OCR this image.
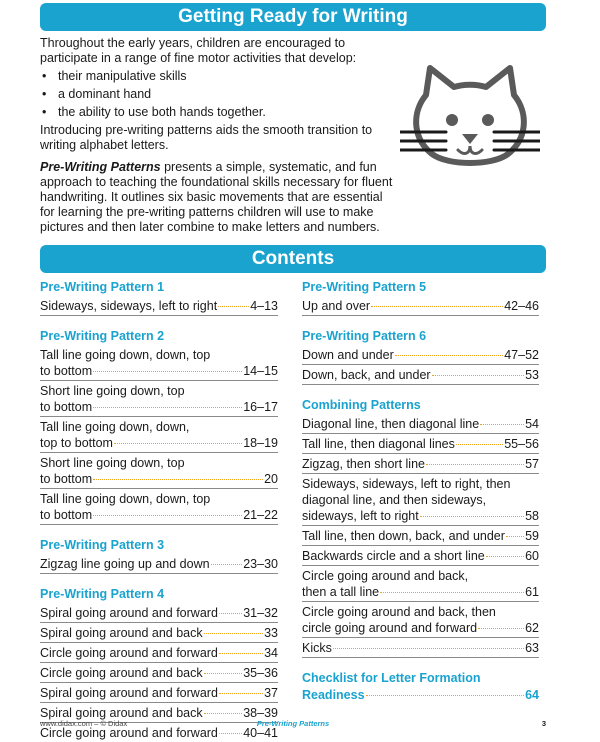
Getting Ready for Writing

Throughout the early years, children are encouraged to participate in a range of fine motor activities that develop:

• their manipulative skills
• a dominant hand
• the ability to use both hands together.

Introducing pre-writing patterns aids the smooth transition to writing alphabet letters.

Pre-Writing Patterns presents a simple, systematic, and fun approach to teaching the foundational skills necessary for fluent handwriting. It outlines six basic movements that are essential for learning the pre-writing patterns children will use to make pictures and then later combine to make letters and numbers.

Contents
Pre-Writing Pattern 1
Sideways, sideways, left to right	4–13
Pre-Writing Pattern 2
Tall line going down, down, top
to bottom	14–15
Short line going down, top
to bottom	16–17
Tall line going down, down,
top to bottom	18–19
Short line going down, top
to bottom	20
Tall line going down, down, top
to bottom	21–22
Pre-Writing Pattern 3
Zigzag line going up and down	23–30
Pre-Writing Pattern 4
Spiral going around and forward 31–32
Spiral going around and back	33
Circle going around and forward	34
Circle going around and back	35–36
Spiral going around and forward	37
Spiral going around and back	38–39
Circle going around and forward 40–41
Pre-Writing Pattern 5
Up and over	42–46
Pre-Writing Pattern 6
Down and under	47–52
Down, back, and under	53
Combining Patterns
Diagonal line, then diagonal line	54
Tall line, then diagonal lines	55–56
Zigzag, then short line	57
Sideways, sideways, left to right, then
diagonal line, and then sideways,
sideways, left to right	58
Tall line, then down, back, and under 59
Backwards circle and a short line	60
Circle going around and back,
then a tall line	61
Circle going around and back, then
circle going around and forward	62
Kicks	63
Checklist for Letter Formation
Readiness	64
www.didax.com – © Didax	Pre-Writing Patterns	3
